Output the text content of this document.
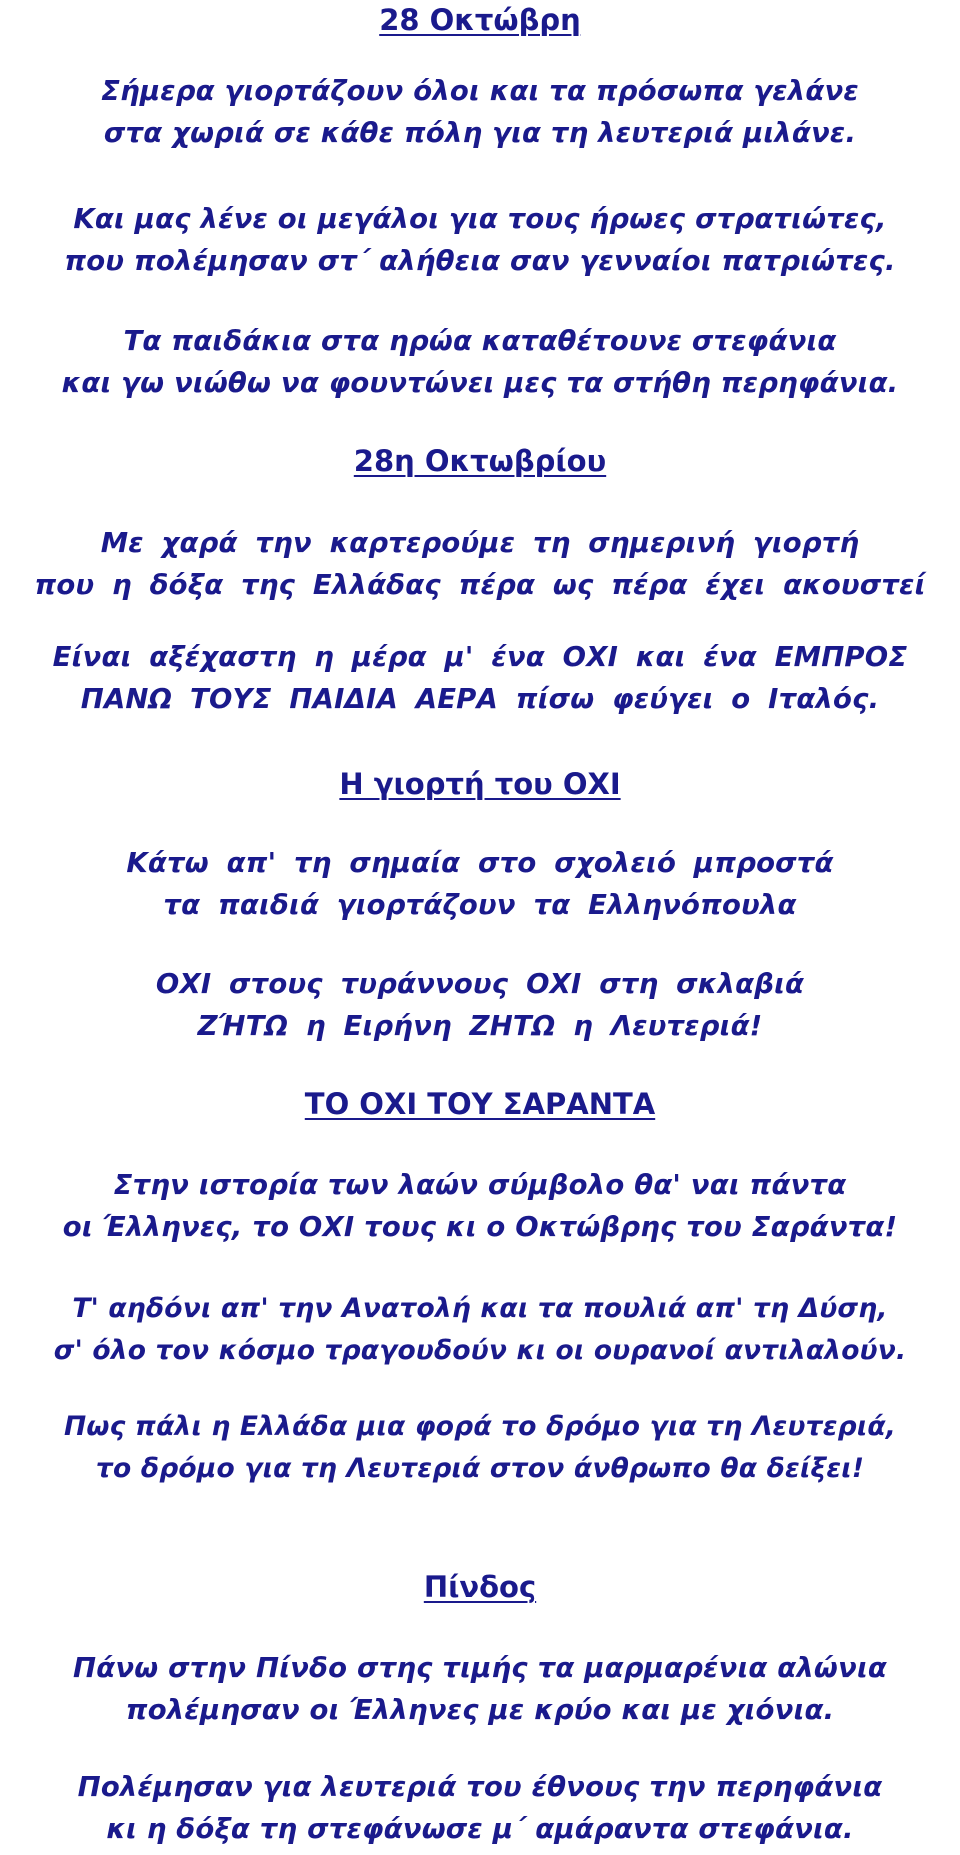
28 Οκτώβρη

Σήμερα γιορτάζουν όλοι και τα πρόσωπα γελάνε
στα χωριά σε κάθε πόλη για τη λευτεριά μιλάνε.

Και μας λένε οι μεγάλοι για τους ήρωες στρατιώτες,
που πολέμησαν στ΄ αλήθεια σαν γενναίοι πατριώτες.

Τα παιδάκια στα ηρώα καταθέτουνε στεφάνια
και γω νιώθω να φουντώνει μες τα στήθη περηφάνια.

28η Οκτωβρίου

Με χαρά την καρτερούμε τη σημερινή γιορτή
που η δόξα της Ελλάδας πέρα ως πέρα έχει ακουστεί

Είναι αξέχαστη η μέρα μ' ένα ΟΧΙ και ένα ΕΜΠΡΟΣ
ΠΑΝΩ ΤΟΥΣ ΠΑΙΔΙΑ ΑΕΡΑ πίσω φεύγει ο Ιταλός.

Η γιορτή του ΟΧΙ

Κάτω απ' τη σημαία στο σχολειό μπροστά
τα παιδιά γιορτάζουν τα Ελληνόπουλα

ΟΧΙ στους τυράννους ΟΧΙ στη σκλαβιά
ΖΉΤΩ η Ειρήνη ΖΗΤΩ η Λευτεριά!

ΤΟ ΟΧΙ ΤΟΥ ΣΑΡΑΝΤΑ

Στην ιστορία των λαών σύμβολο θα' ναι πάντα
οι Έλληνες, το ΟΧΙ τους κι ο Οκτώβρης του Σαράντα!

Τ' αηδόνι απ' την Ανατολή και τα πουλιά απ' τη Δύση,
σ' όλο τον κόσμο τραγουδούν κι οι ουρανοί αντιλαλούν.

Πως πάλι η Ελλάδα μια φορά το δρόμο για τη Λευτεριά,
το δρόμο για τη Λευτεριά στον άνθρωπο θα δείξει!

Πίνδος

Πάνω στην Πίνδο στης τιμής τα μαρμαρένια αλώνια
πολέμησαν οι Έλληνες με κρύο και με χιόνια.

Πολέμησαν για λευτεριά του έθνους την περηφάνια
κι η δόξα τη στεφάνωσε μ΄ αμάραντα στεφάνια.
